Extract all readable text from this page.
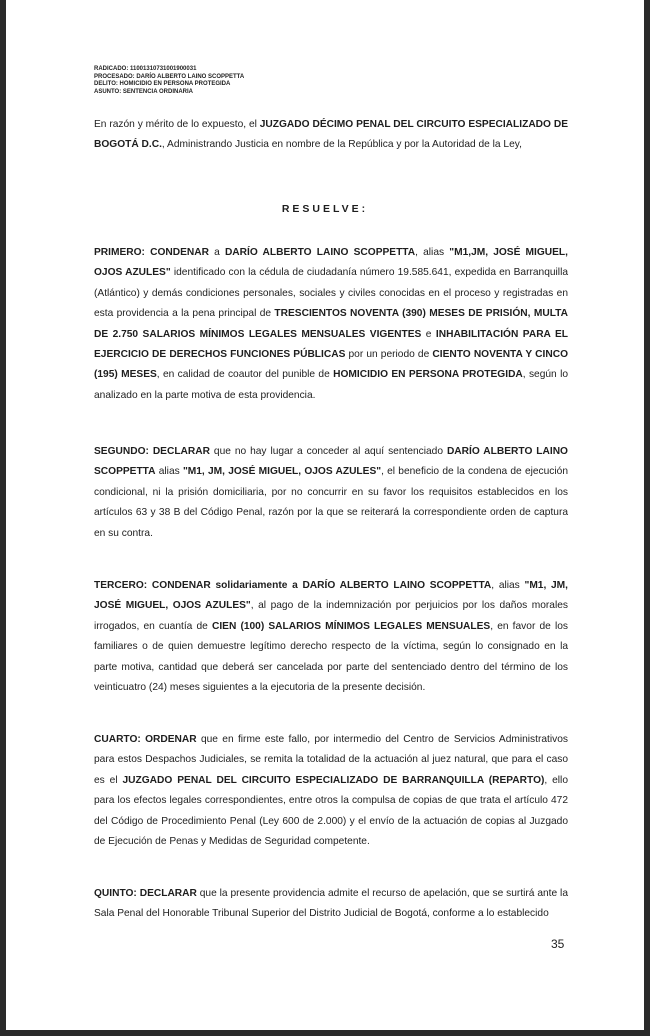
RADICADO: 11001310731001900031
PROCESADO: DARÍO ALBERTO LAINO SCOPPETTA
DELITO: HOMICIDIO EN PERSONA PROTEGIDA
ASUNTO: SENTENCIA ORDINARIA
En razón y mérito de lo expuesto, el JUZGADO DÉCIMO PENAL DEL CIRCUITO ESPECIALIZADO DE BOGOTÁ D.C., Administrando Justicia en nombre de la República y por la Autoridad de la Ley,
RESUELVE:
PRIMERO: CONDENAR a DARÍO ALBERTO LAINO SCOPPETTA, alias "M1,JM, JOSÉ MIGUEL, OJOS AZULES" identificado con la cédula de ciudadanía número 19.585.641, expedida en Barranquilla (Atlántico) y demás condiciones personales, sociales y civiles conocidas en el proceso y registradas en esta providencia a la pena principal de TRESCIENTOS NOVENTA (390) MESES DE PRISIÓN, MULTA DE 2.750 SALARIOS MÍNIMOS LEGALES MENSUALES VIGENTES e INHABILITACIÓN PARA EL EJERCICIO DE DERECHOS FUNCIONES PÚBLICAS por un periodo de CIENTO NOVENTA Y CINCO (195) MESES, en calidad de coautor del punible de HOMICIDIO EN PERSONA PROTEGIDA, según lo analizado en la parte motiva de esta providencia.
SEGUNDO: DECLARAR que no hay lugar a conceder al aquí sentenciado DARÍO ALBERTO LAINO SCOPPETTA alias "M1, JM, JOSÉ MIGUEL, OJOS AZULES", el beneficio de la condena de ejecución condicional, ni la prisión domiciliaria, por no concurrir en su favor los requisitos establecidos en los artículos 63 y 38 B del Código Penal, razón por la que se reiterará la correspondiente orden de captura en su contra.
TERCERO: CONDENAR solidariamente a DARÍO ALBERTO LAINO SCOPPETTA, alias "M1, JM, JOSÉ MIGUEL, OJOS AZULES", al pago de la indemnización por perjuicios por los daños morales irrogados, en cuantía de CIEN (100) SALARIOS MÍNIMOS LEGALES MENSUALES, en favor de los familiares o de quien demuestre legítimo derecho respecto de la víctima, según lo consignado en la parte motiva, cantidad que deberá ser cancelada por parte del sentenciado dentro del término de los veinticuatro (24) meses siguientes a la ejecutoria de la presente decisión.
CUARTO: ORDENAR que en firme este fallo, por intermedio del Centro de Servicios Administrativos para estos Despachos Judiciales, se remita la totalidad de la actuación al juez natural, que para el caso es el JUZGADO PENAL DEL CIRCUITO ESPECIALIZADO DE BARRANQUILLA (REPARTO), ello para los efectos legales correspondientes, entre otros la compulsa de copias de que trata el artículo 472 del Código de Procedimiento Penal (Ley 600 de 2.000) y el envío de la actuación de copias al Juzgado de Ejecución de Penas y Medidas de Seguridad competente.
QUINTO: DECLARAR que la presente providencia admite el recurso de apelación, que se surtirá ante la Sala Penal del Honorable Tribunal Superior del Distrito Judicial de Bogotá, conforme a lo establecido
35
